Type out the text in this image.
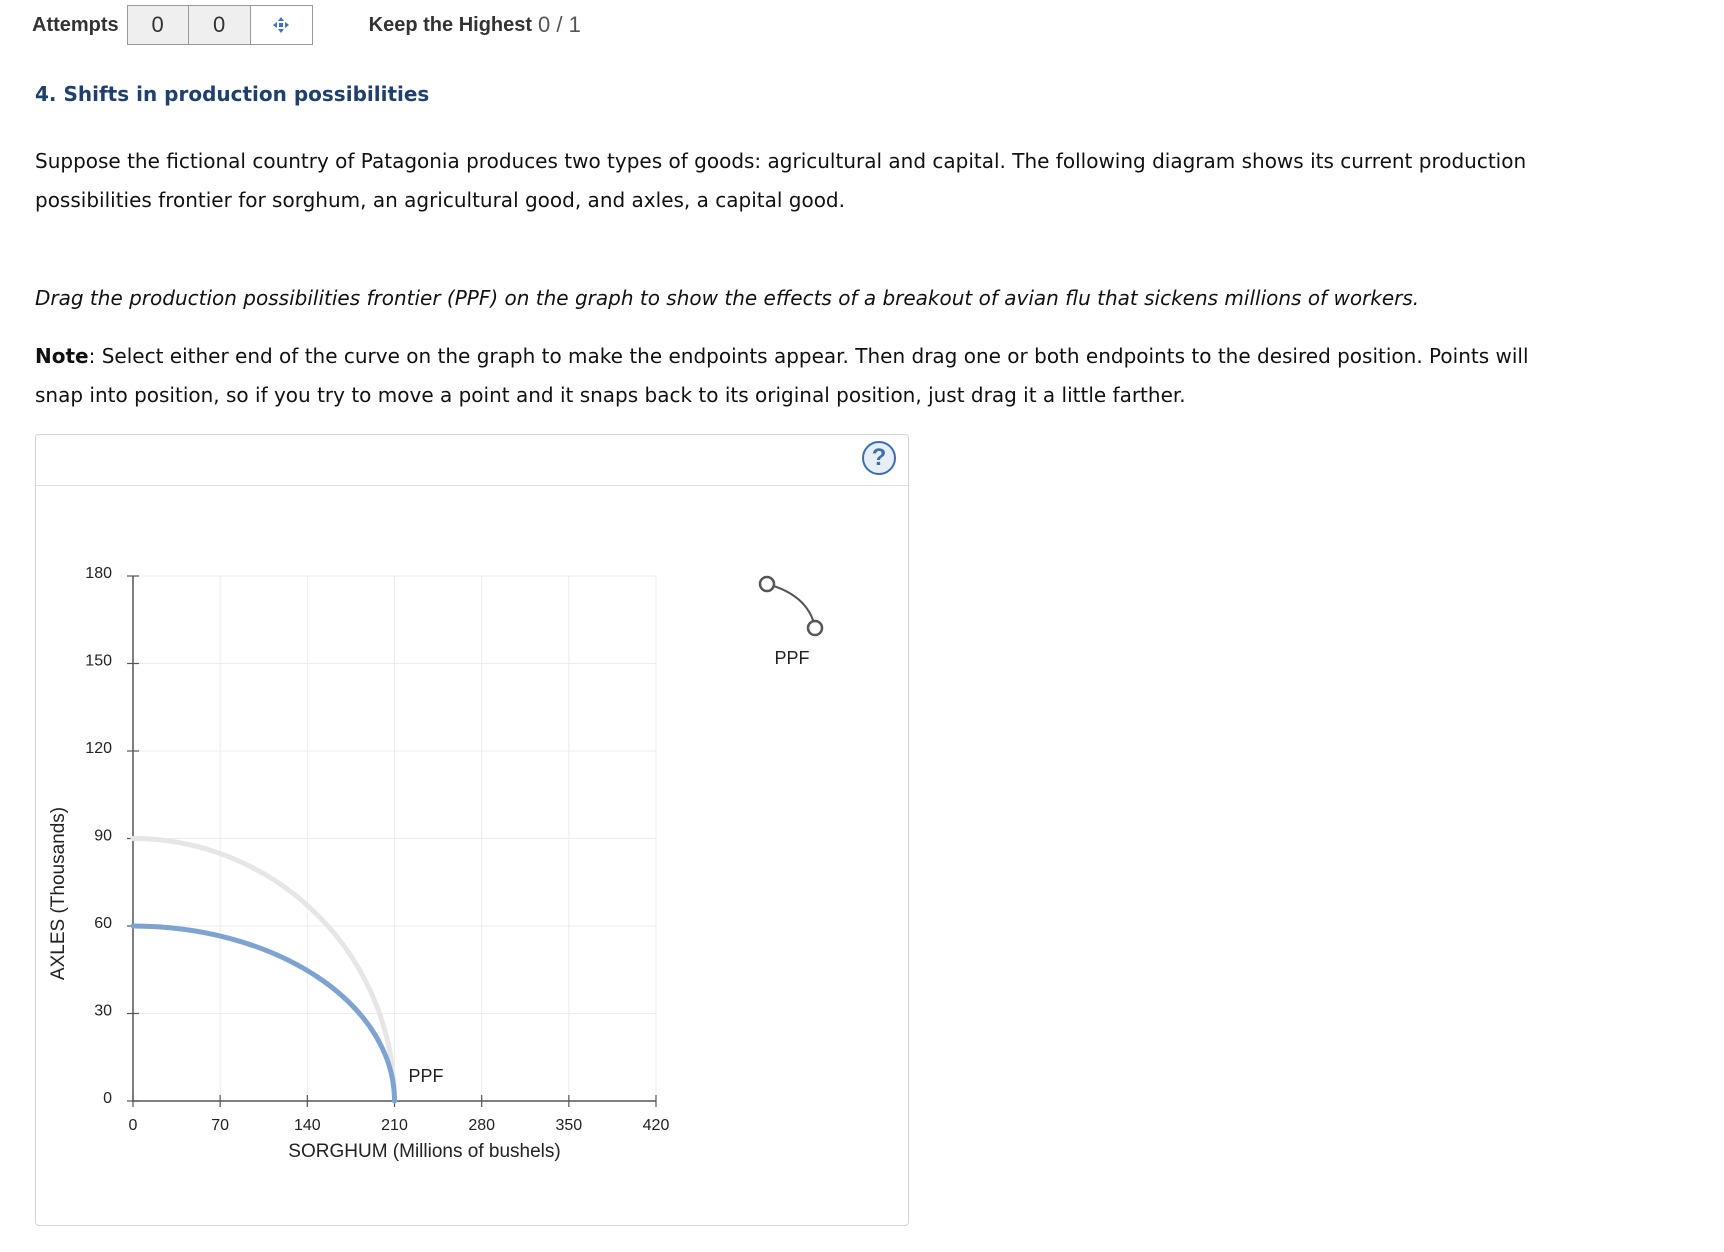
Attempts	0	0	Keep the Highest 0 / 1
4. Shifts in production possibilities

Suppose the fictional country of Patagonia produces two types of goods: agricultural and capital. The following diagram shows its current production possibilities frontier for sorghum, an agricultural good, and axles, a capital good.

Drag the production possibilities frontier (PPF) on the graph to show the effects of a breakout of avian flu that sickens millions of workers.

Note: Select either end of the curve on the graph to make the endpoints appear. Then drag one or both endpoints to the desired position. Points will snap into position, so if you try to move a point and it snaps back to its original position, just drag it a little farther.

?
0	70	140	210	280	350	420
0
30
60
90
120
150
180
SORGHUM (Millions of bushels)
AXLES (Thousands)
PPF
PPF
